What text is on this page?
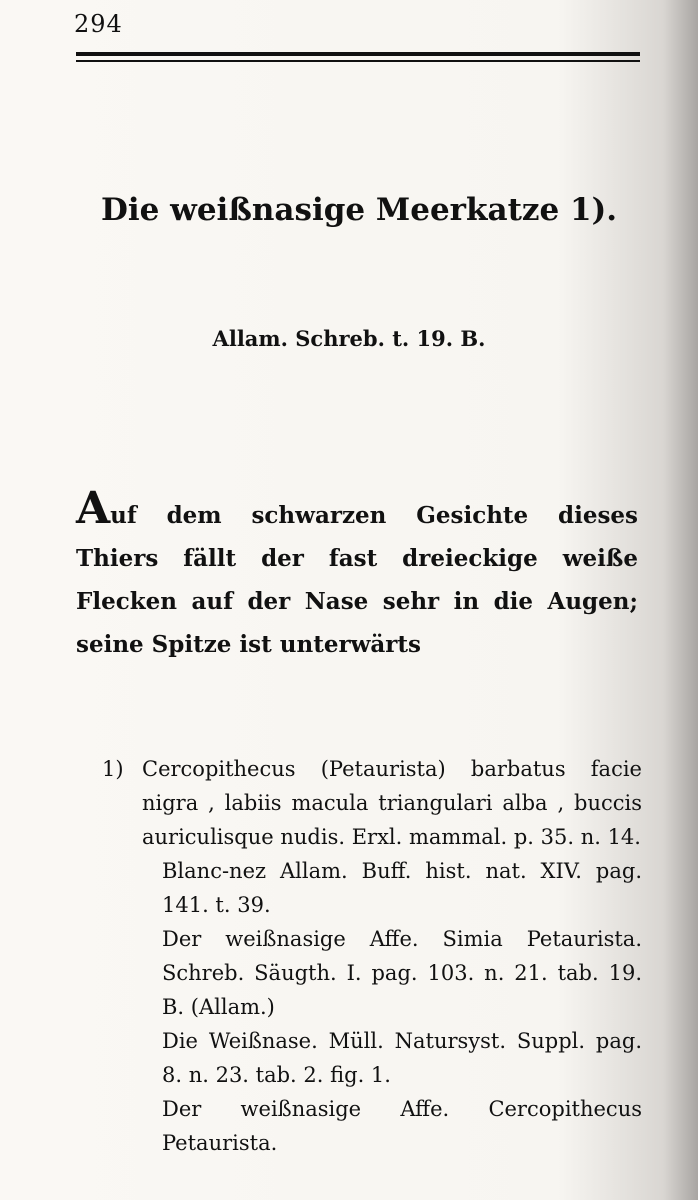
294
Die weißnasige Meerkatze 1).
Allam. Schreb. t. 19. B.
Auf dem schwarzen Gesichte dieses Thiers fällt der fast dreieckige weiße Flecken auf der Nase sehr in die Augen; seine Spitze ist unterwärts
1) Cercopithecus (Petaurista) barbatus facie nigra , labiis macula triangulari alba , buccis auriculisque nudis. Erxl. mammal. p. 35. n. 14.
Blanc-nez Allam. Buff. hist. nat. XIV. pag. 141. t. 39.
Der weißnasige Affe. Simia Petaurista. Schreb. Säugth. I. pag. 103. n. 21. tab. 19. B. (Allam.)
Die Weißnase. Müll. Natursyst. Suppl. pag. 8. n. 23. tab. 2. fig. 1.
Der weißnasige Affe. Cercopithecus Petaurista.
